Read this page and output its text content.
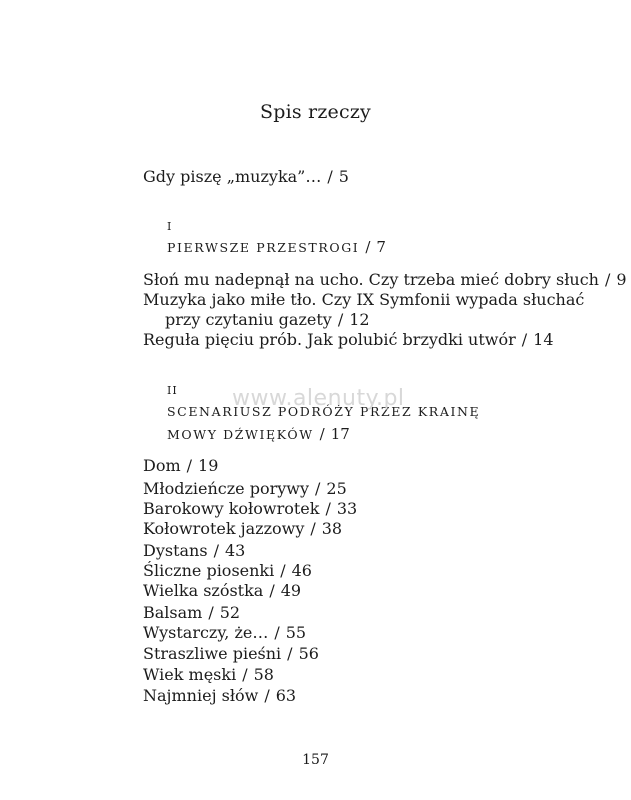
Spis rzeczy
Gdy piszę „muzyka”… / 5
I
PIERWSZE PRZESTROGI / 7
Słoń mu nadepnął na ucho. Czy trzeba mieć dobry słuch / 9
Muzyka jako miłe tło. Czy IX Symfonii wypada słuchać
przy czytaniu gazety / 12
Reguła pięciu prób. Jak polubić brzydki utwór / 14
II
SCENARIUSZ PODRÓŻY PRZEZ KRAINĘ
MOWY DŹWIĘKÓW / 17
www.alenuty.pl
Dom / 19
Młodzieńcze porywy / 25
Barokowy kołowrotek / 33
Kołowrotek jazzowy / 38
Dystans / 43
Śliczne piosenki / 46
Wielka szóstka / 49
Balsam / 52
Wystarczy, że… / 55
Straszliwe pieśni / 56
Wiek męski / 58
Najmniej słów / 63
157
